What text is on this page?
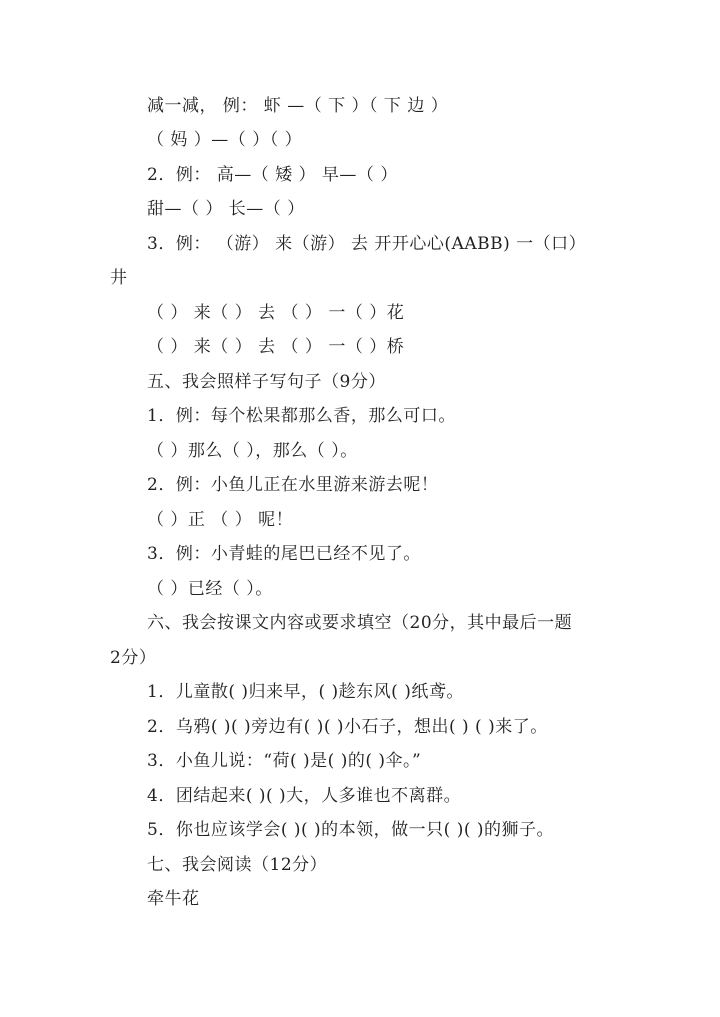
减一减， 例： 虾 —（ 下 ）（ 下 边 ）
（ 妈 ）—（ ）（ ）
2．例： 高—（ 矮 ） 早—（ ）
甜—（ ） 长—（ ）
3．例： （游） 来（游） 去 开开心心(AABB) 一（口）
井
（ ） 来（ ） 去 （ ） 一（ ）花
（ ） 来（ ） 去 （ ） 一（ ）桥
五、我会照样子写句子（9分）
1．例：每个松果都那么香，那么可口。
（ ）那么（ ），那么（ ）。
2．例：小鱼儿正在水里游来游去呢！
（ ）正 （ ） 呢！
3．例：小青蛙的尾巴已经不见了。
（ ）已经（ ）。
六、我会按课文内容或要求填空（20分，其中最后一题
2分）
1．儿童散( )归来早，( )趁东风( )纸鸢。
2．乌鸦( )( )旁边有( )( )小石子，想出( ) ( )来了。
3．小鱼儿说：“荷( )是( )的( )伞。”
4．团结起来( )( )大，人多谁也不离群。
5．你也应该学会( )( )的本领，做一只( )( )的狮子。
七、我会阅读（12分）
牵牛花
